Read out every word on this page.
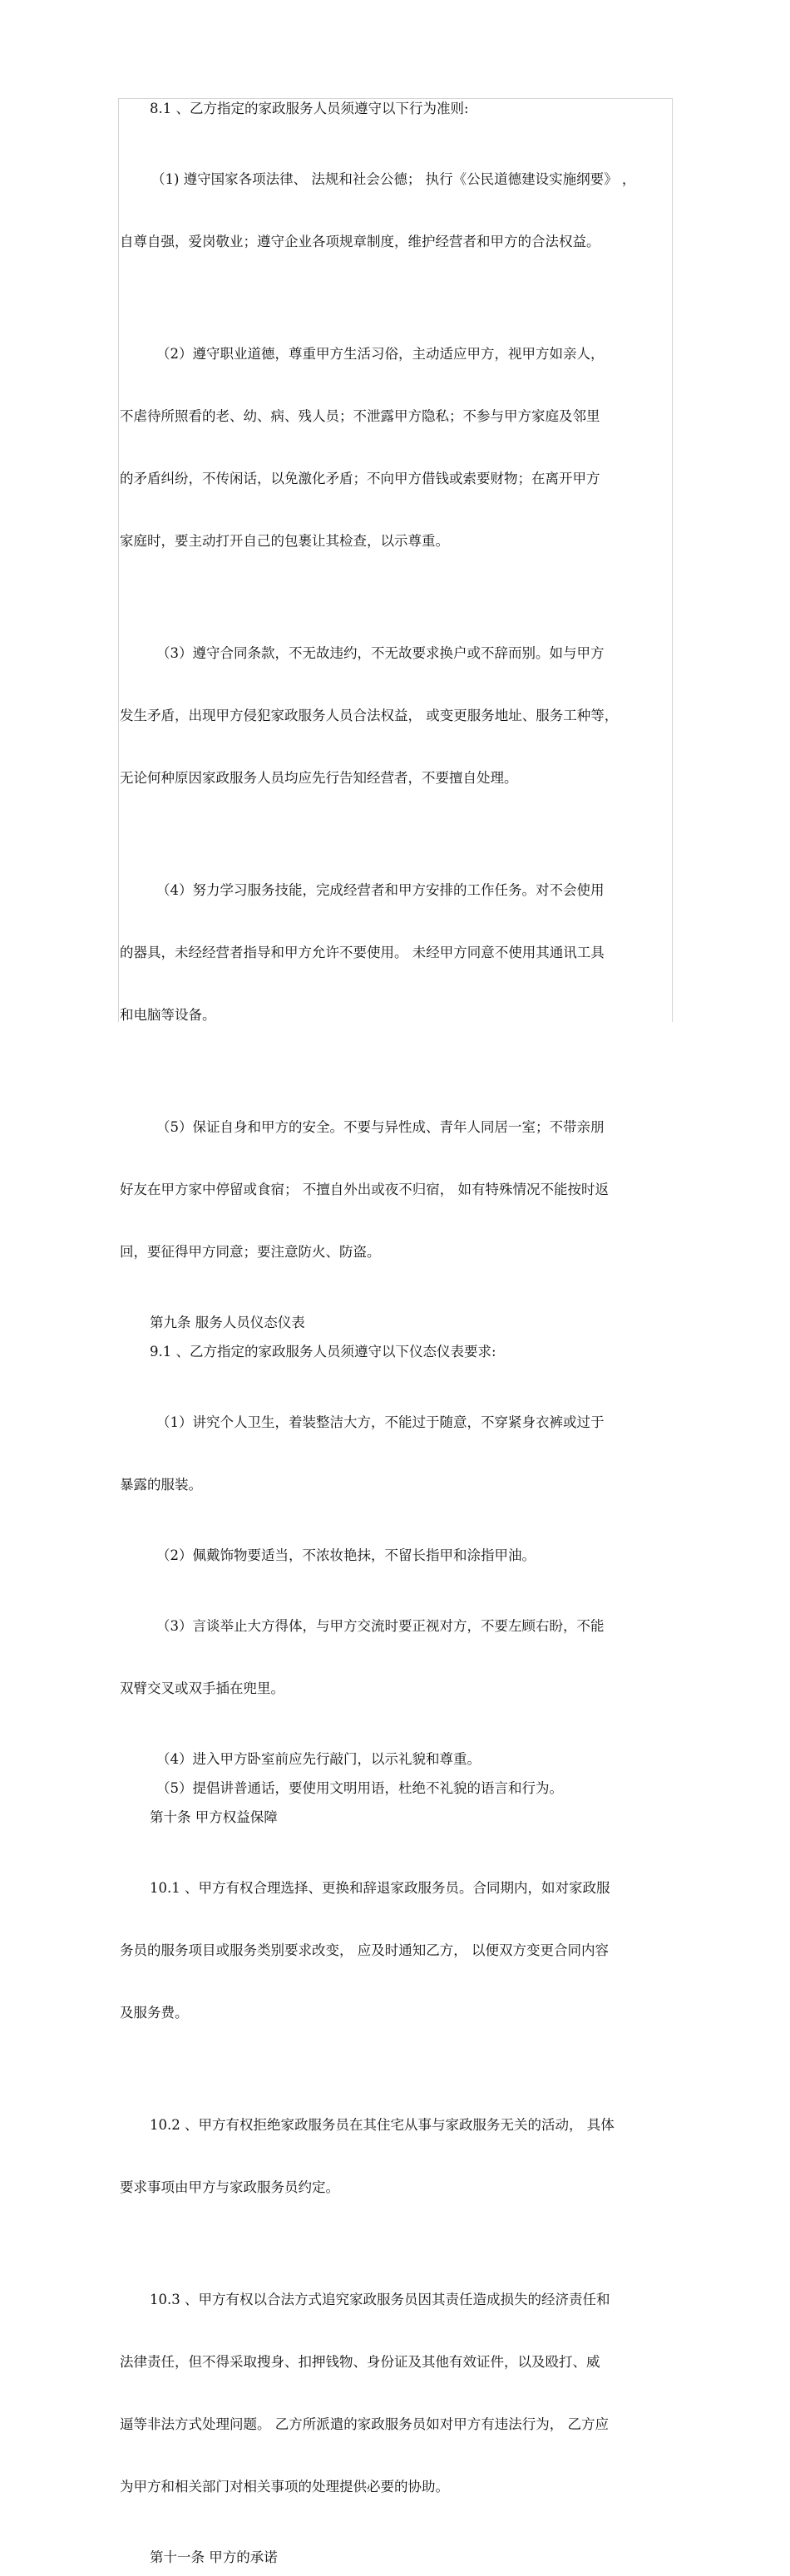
8.1 、乙方指定的家政服务人员须遵守以下行为准则:

（1) 遵守国家各项法律、 法规和社会公德； 执行《公民道德建设实施纲要》 ，

自尊自强，爱岗敬业；遵守企业各项规章制度，维护经营者和甲方的合法权益。

（2）遵守职业道德，尊重甲方生活习俗，主动适应甲方，视甲方如亲人，

不虐待所照看的老、幼、病、残人员；不泄露甲方隐私；不参与甲方家庭及邻里

的矛盾纠纷，不传闲话，以免激化矛盾；不向甲方借钱或索要财物；在离开甲方

家庭时，要主动打开自己的包裹让其检查，以示尊重。

（3）遵守合同条款，不无故违约，不无故要求换户或不辞而别。如与甲方

发生矛盾，出现甲方侵犯家政服务人员合法权益， 或变更服务地址、服务工种等，

无论何种原因家政服务人员均应先行告知经营者，不要擅自处理。

（4）努力学习服务技能，完成经营者和甲方安排的工作任务。对不会使用

的器具，未经经营者指导和甲方允许不要使用。 未经甲方同意不使用其通讯工具

和电脑等设备。

（5）保证自身和甲方的安全。不要与异性成、青年人同居一室；不带亲朋

好友在甲方家中停留或食宿； 不擅自外出或夜不归宿， 如有特殊情况不能按时返

回，要征得甲方同意；要注意防火、防盗。

第九条 服务人员仪态仪表

9.1 、乙方指定的家政服务人员须遵守以下仪态仪表要求:

（1）讲究个人卫生，着装整洁大方，不能过于随意，不穿紧身衣裤或过于

暴露的服装。

（2）佩戴饰物要适当，不浓妆艳抹，不留长指甲和涂指甲油。

（3）言谈举止大方得体，与甲方交流时要正视对方，不要左顾右盼，不能

双臂交叉或双手插在兜里。

（4）进入甲方卧室前应先行敲门，以示礼貌和尊重。

（5）提倡讲普通话，要使用文明用语，杜绝不礼貌的语言和行为。

第十条 甲方权益保障

10.1 、甲方有权合理选择、更换和辞退家政服务员。合同期内，如对家政服

务员的服务项目或服务类别要求改变， 应及时通知乙方， 以便双方变更合同内容

及服务费。

10.2 、甲方有权拒绝家政服务员在其住宅从事与家政服务无关的活动， 具体

要求事项由甲方与家政服务员约定。

10.3 、甲方有权以合法方式追究家政服务员因其责任造成损失的经济责任和

法律责任，但不得采取搜身、扣押钱物、身份证及其他有效证件，以及殴打、威

逼等非法方式处理问题。 乙方所派遣的家政服务员如对甲方有违法行为， 乙方应

为甲方和相关部门对相关事项的处理提供必要的协助。

第十一条 甲方的承诺
